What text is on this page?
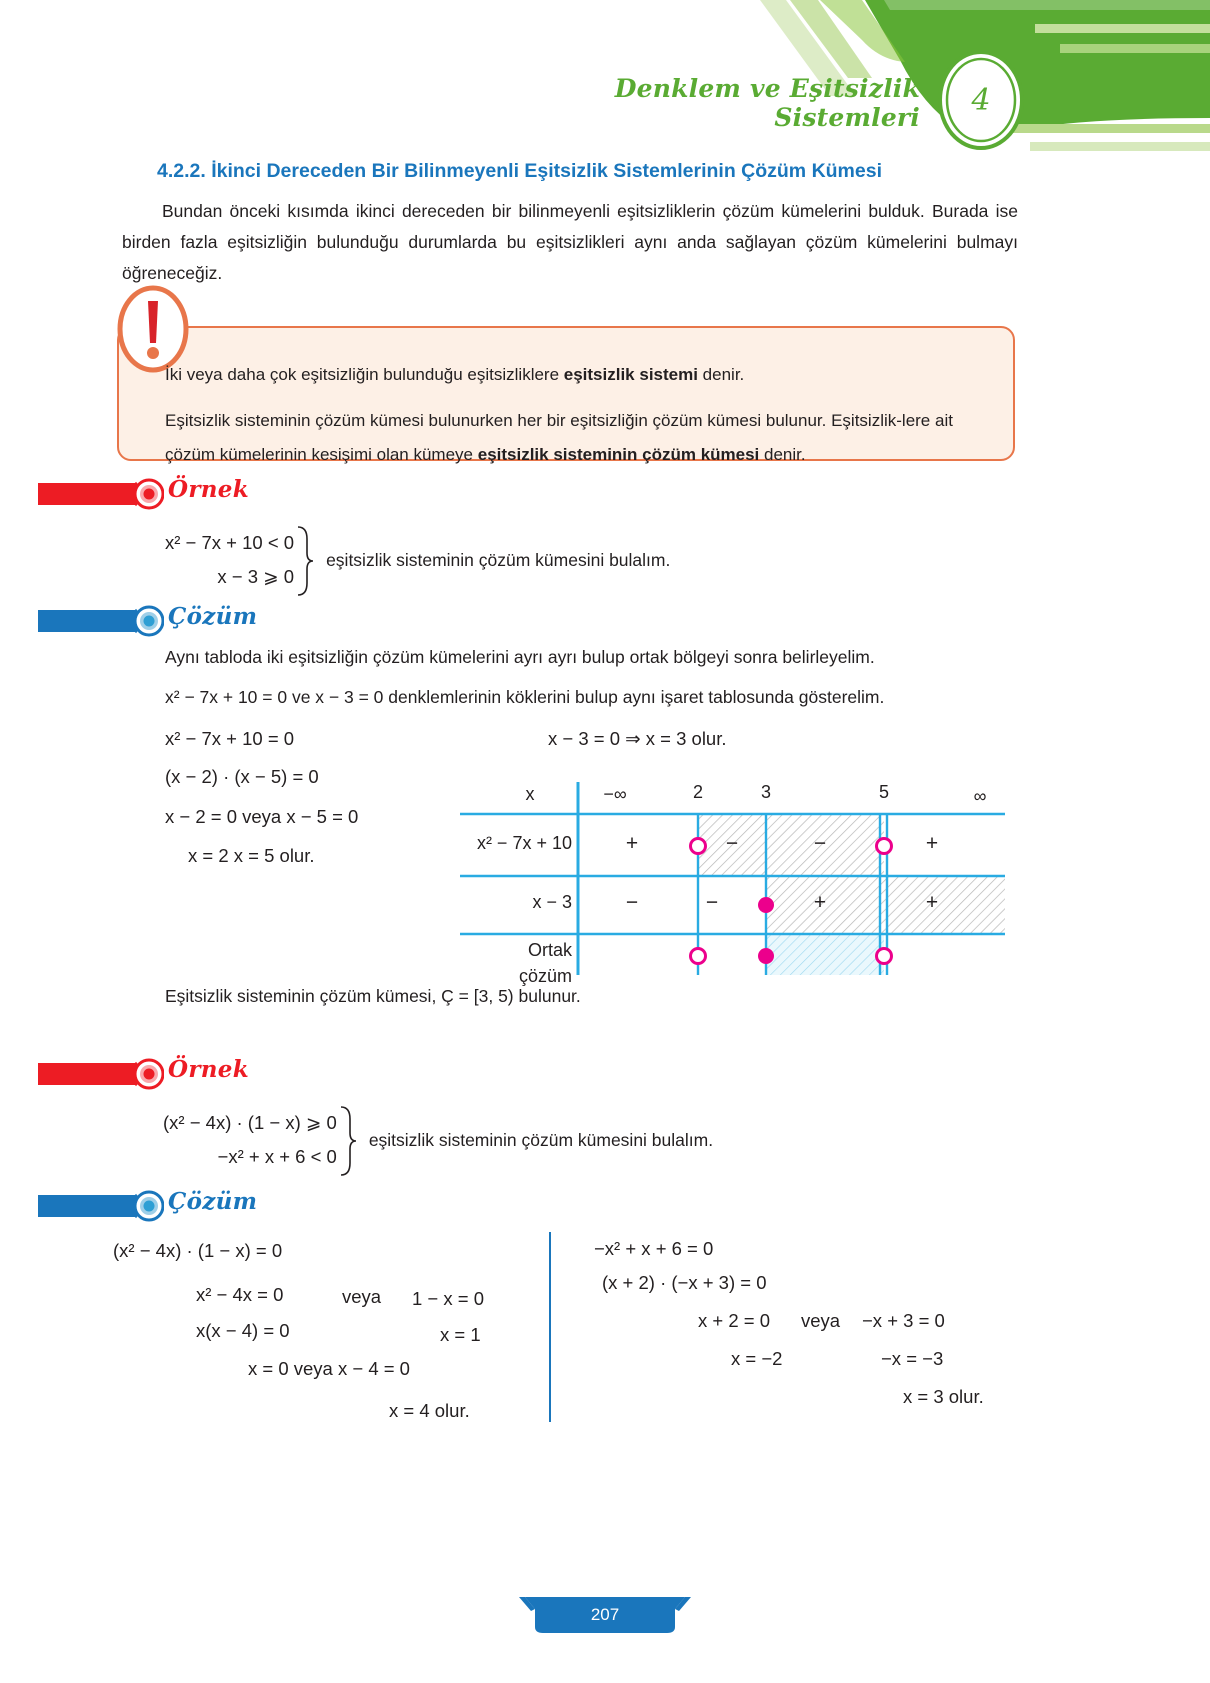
4
Denklem ve Eşitsizlik Sistemleri
4.2.2. İkinci Dereceden Bir Bilinmeyenli Eşitsizlik Sistemlerinin Çözüm Kümesi
Bundan önceki kısımda ikinci dereceden bir bilinmeyenli eşitsizliklerin çözüm kümelerini bulduk. Burada ise birden fazla eşitsizliğin bulunduğu durumlarda bu eşitsizlikleri aynı anda sağlayan çözüm kümelerini bulmayı öğreneceğiz.

İki veya daha çok eşitsizliğin bulunduğu eşitsizliklere eşitsizlik sistemi denir.

Eşitsizlik sisteminin çözüm kümesi bulunurken her bir eşitsizliğin çözüm kümesi bulunur. Eşitsizlik-lere ait çözüm kümelerinin kesişimi olan kümeye eşitsizlik sisteminin çözüm kümesi denir.

Örnek
x² − 7x + 10 < 0
x − 3 ⩾ 0
eşitsizlik sisteminin çözüm kümesini bulalım.
Çözüm
Aynı tabloda iki eşitsizliğin çözüm kümelerini ayrı ayrı bulup ortak bölgeyi sonra belirleyelim.
x² − 7x + 10 = 0 ve x − 3 = 0 denklemlerinin köklerini bulup aynı işaret tablosunda gösterelim.
x² − 7x + 10 = 0
(x − 2) · (x − 5) = 0
x − 2 = 0 veya x − 5 = 0
x = 2 x = 5 olur.
x − 3 = 0 ⇒ x = 3 olur.
x	−∞	2	3	5	∞
x² − 7x + 10	+	−	−	+
x − 3	−	−	+	+
Ortak
çözüm
Eşitsizlik sisteminin çözüm kümesi, Ç = [3, 5) bulunur.
Örnek
(x² − 4x) · (1 − x) ⩾ 0
−x² + x + 6 < 0
eşitsizlik sisteminin çözüm kümesini bulalım.
Çözüm
(x² − 4x) · (1 − x) = 0
x² − 4x = 0	veya 1 − x = 0
x(x − 4) = 0	x = 1
x = 0 veya x − 4 = 0
x = 4 olur.
−x² + x + 6 = 0
(x + 2) · (−x + 3) = 0
x + 2 = 0 veya −x + 3 = 0
x = −2	−x = −3
x = 3 olur.
207
